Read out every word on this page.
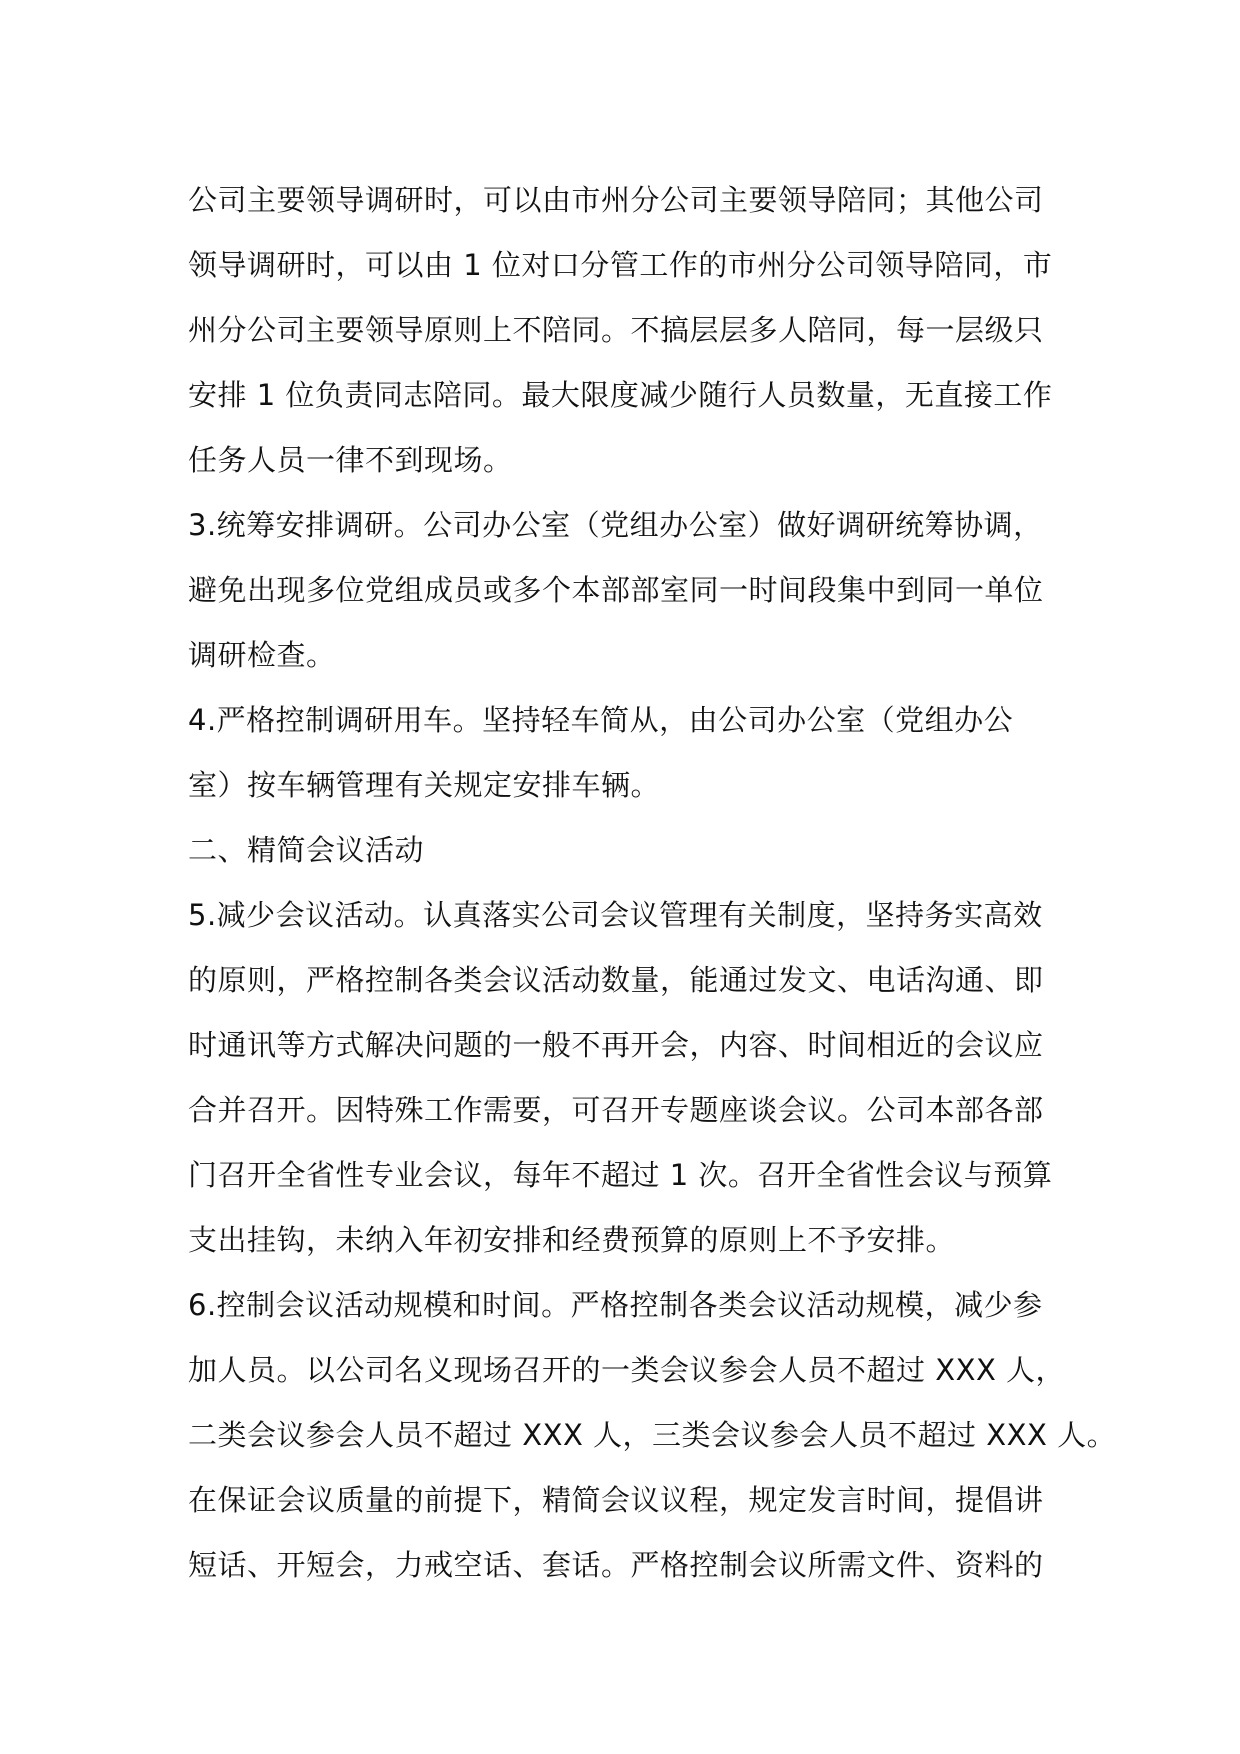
公司主要领导调研时，可以由市州分公司主要领导陪同；其他公司
领导调研时，可以由 1 位对口分管工作的市州分公司领导陪同，市
州分公司主要领导原则上不陪同。不搞层层多人陪同，每一层级只
安排 1 位负责同志陪同。最大限度减少随行人员数量，无直接工作
任务人员一律不到现场。
3.统筹安排调研。公司办公室（党组办公室）做好调研统筹协调，
避免出现多位党组成员或多个本部部室同一时间段集中到同一单位
调研检查。
4.严格控制调研用车。坚持轻车简从，由公司办公室（党组办公
室）按车辆管理有关规定安排车辆。
二、精简会议活动
5.减少会议活动。认真落实公司会议管理有关制度，坚持务实高效
的原则，严格控制各类会议活动数量，能通过发文、电话沟通、即
时通讯等方式解决问题的一般不再开会，内容、时间相近的会议应
合并召开。因特殊工作需要，可召开专题座谈会议。公司本部各部
门召开全省性专业会议，每年不超过 1 次。召开全省性会议与预算
支出挂钩，未纳入年初安排和经费预算的原则上不予安排。
6.控制会议活动规模和时间。严格控制各类会议活动规模，减少参
加人员。以公司名义现场召开的一类会议参会人员不超过 XXX 人，
二类会议参会人员不超过 XXX 人，三类会议参会人员不超过 XXX 人。
在保证会议质量的前提下，精简会议议程，规定发言时间，提倡讲
短话、开短会，力戒空话、套话。严格控制会议所需文件、资料的
